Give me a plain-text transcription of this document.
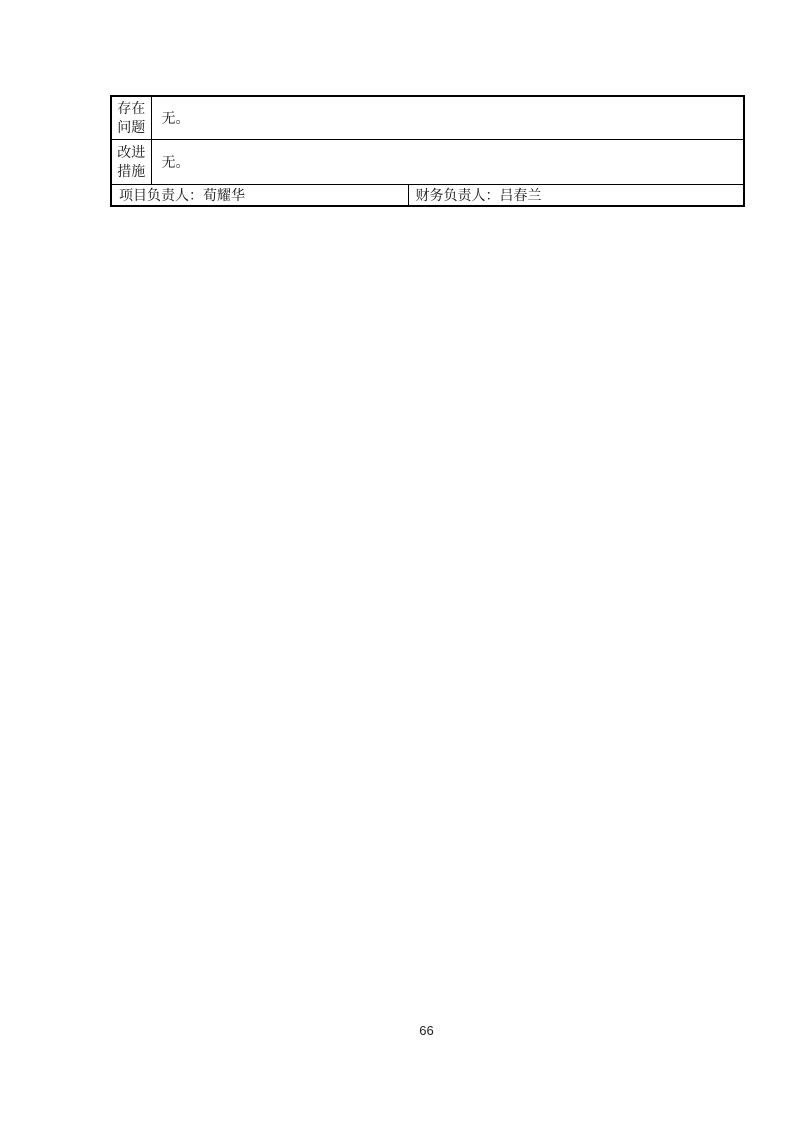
存在
问题	无。	

改进
措施	无。	
项目负责人：荀耀华		财务负责人：吕春兰
66
